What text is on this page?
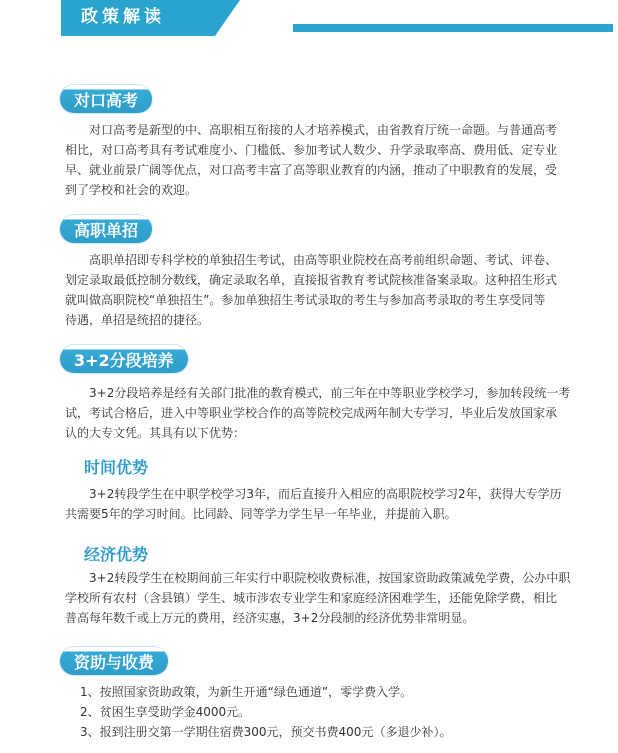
政策解读
对口高考

对口高考是新型的中、高职相互衔接的人才培养模式，由省教育厅统一命题。与普通高考
相比，对口高考具有考试难度小、门槛低、参加考试人数少、升学录取率高、费用低、定专业
早、就业前景广阔等优点，对口高考丰富了高等职业教育的内涵，推动了中职教育的发展，受
到了学校和社会的欢迎。

高职单招

高职单招即专科学校的单独招生考试，由高等职业院校在高考前组织命题、考试、评卷、
划定录取最低控制分数线，确定录取名单，直接报省教育考试院核准备案录取。这种招生形式
就叫做高职院校“单独招生”。参加单独招生考试录取的考生与参加高考录取的考生享受同等
待遇，单招是统招的捷径。

3+2分段培养

3+2分段培养是经有关部门批准的教育模式，前三年在中等职业学校学习，参加转段统一考
试，考试合格后，进入中等职业学校合作的高等院校完成两年制大专学习，毕业后发放国家承
认的大专文凭。其具有以下优势：

时间优势

3+2转段学生在中职学校学习3年，而后直接升入相应的高职院校学习2年，获得大专学历
共需要5年的学习时间。比同龄、同等学力学生早一年毕业，并提前入职。

经济优势

3+2转段学生在校期间前三年实行中职院校收费标准，按国家资助政策减免学费，公办中职
学校所有农村（含县镇）学生、城市涉农专业学生和家庭经济困难学生，还能免除学费，相比
普高每年数千或上万元的费用，经济实惠，3+2分段制的经济优势非常明显。

资助与收费
1、按照国家资助政策，为新生开通“绿色通道”，零学费入学。
2、贫困生享受助学金4000元。
3、报到注册交第一学期住宿费300元，预交书费400元（多退少补）。
